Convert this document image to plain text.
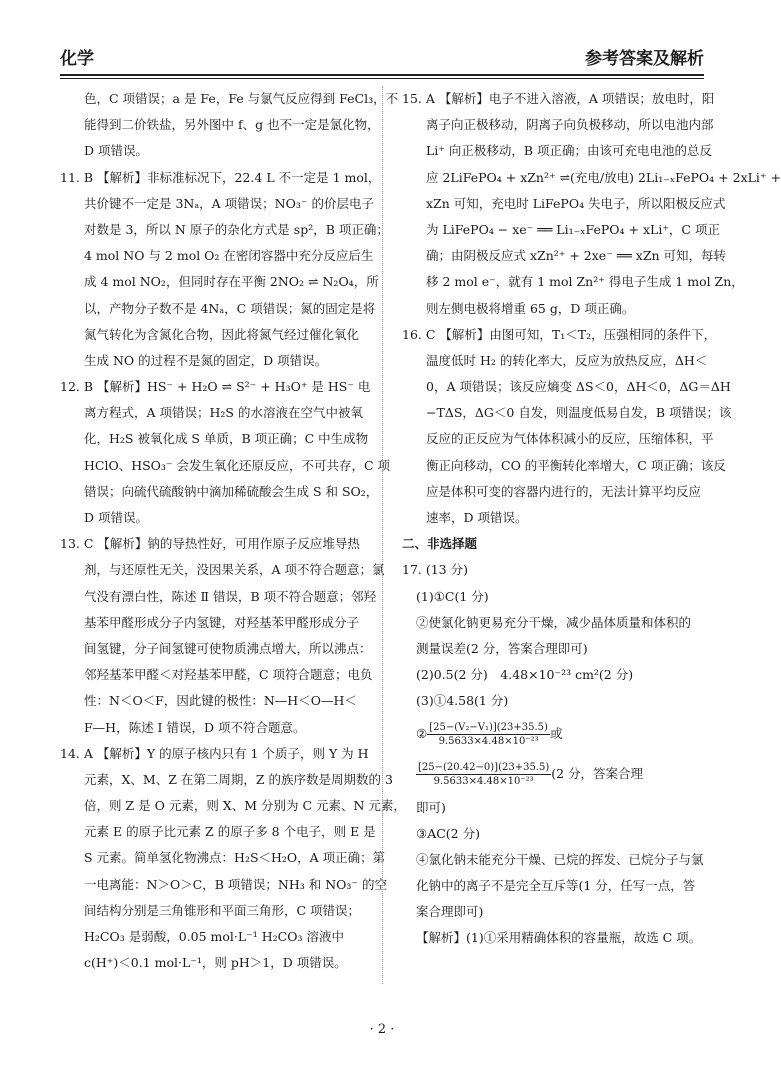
化学	参考答案及解析
色，C 项错误；a 是 Fe，Fe 与氯气反应得到 FeCl₃，不
能得到二价铁盐，另外图中 f、g 也不一定是氯化物，
D 项错误。
11. B 【解析】非标准标况下，22.4 L 不一定是 1 mol，
共价键不一定是 3Nₐ，A 项错误；NO₃⁻ 的价层电子
对数是 3，所以 N 原子的杂化方式是 sp²，B 项正确；
4 mol NO 与 2 mol O₂ 在密闭容器中充分反应后生
成 4 mol NO₂，但同时存在平衡 2NO₂ ⇌ N₂O₄，所
以，产物分子数不是 4Nₐ，C 项错误；氮的固定是将
氮气转化为含氮化合物，因此将氮气经过催化氧化
生成 NO 的过程不是氮的固定，D 项错误。
12. B 【解析】HS⁻ + H₂O ⇌ S²⁻ + H₃O⁺ 是 HS⁻ 电
离方程式，A 项错误；H₂S 的水溶液在空气中被氧
化，H₂S 被氧化成 S 单质，B 项正确；C 中生成物
HClO、HSO₃⁻ 会发生氧化还原反应，不可共存，C 项
错误；向硫代硫酸钠中滴加稀硫酸会生成 S 和 SO₂，
D 项错误。
13. C 【解析】钠的导热性好，可用作原子反应堆导热
剂，与还原性无关，没因果关系，A 项不符合题意；氯
气没有漂白性，陈述 Ⅱ 错误，B 项不符合题意；邻羟
基苯甲醛形成分子内氢键，对羟基苯甲醛形成分子
间氢键，分子间氢键可使物质沸点增大，所以沸点：
邻羟基苯甲醛＜对羟基苯甲醛，C 项符合题意；电负
性：N＜O＜F，因此键的极性：N—H＜O—H＜
F—H，陈述 Ⅰ 错误，D 项不符合题意。
14. A 【解析】Y 的原子核内只有 1 个质子，则 Y 为 H
元素，X、M、Z 在第二周期，Z 的族序数是周期数的 3
倍，则 Z 是 O 元素，则 X、M 分别为 C 元素、N 元素，
元素 E 的原子比元素 Z 的原子多 8 个电子，则 E 是
S 元素。简单氢化物沸点：H₂S＜H₂O，A 项正确；第
一电离能：N＞O＞C，B 项错误；NH₃ 和 NO₃⁻ 的空
间结构分别是三角锥形和平面三角形，C 项错误；
H₂CO₃ 是弱酸，0.05 mol·L⁻¹ H₂CO₃ 溶液中
c(H⁺)＜0.1 mol·L⁻¹，则 pH＞1，D 项错误。
15. A 【解析】电子不进入溶液，A 项错误；放电时，阳
离子向正极移动，阴离子向负极移动，所以电池内部
Li⁺ 向正极移动，B 项正确；由该可充电电池的总反
应 2LiFePO₄ + xZn²⁺ ⇌(充电/放电) 2Li₁₋ₓFePO₄ + 2xLi⁺ +
xZn 可知，充电时 LiFePO₄ 失电子，所以阳极反应式
为 LiFePO₄ − xe⁻ ══ Li₁₋ₓFePO₄ + xLi⁺，C 项正
确；由阴极反应式 xZn²⁺ + 2xe⁻ ══ xZn 可知，每转
移 2 mol e⁻，就有 1 mol Zn²⁺ 得电子生成 1 mol Zn，
则左侧电极将增重 65 g，D 项正确。
16. C 【解析】由图可知，T₁＜T₂，压强相同的条件下，
温度低时 H₂ 的转化率大，反应为放热反应，ΔH＜
0，A 项错误；该反应熵变 ΔS＜0，ΔH＜0，ΔG＝ΔH
−TΔS，ΔG＜0 自发，则温度低易自发，B 项错误；该
反应的正反应为气体体积减小的反应，压缩体积，平
衡正向移动，CO 的平衡转化率增大，C 项正确；该反
应是体积可变的容器内进行的，无法计算平均反应
速率，D 项错误。
二、非选择题
17. (13 分)
(1)①C(1 分)
②使氯化钠更易充分干燥，减少晶体质量和体积的
测量误差(2 分，答案合理即可)
(2)0.5(2 分)　4.48×10⁻²³ cm²(2 分)
(3)①4.58(1 分)
② $\frac{\text{[25−(V₂−V₁)](23+35.5)}}{\text{9.5633×4.48×10⁻²³}}$ 或
$\frac{[25-(20.42-0)](23+35.5)}{\text{9.5633×4.48×10⁻²³}} (2$ 分，答案合理
即可)
③AC(2 分)
④氯化钠未能充分干燥、已烷的挥发、已烷分子与氯
化钠中的离子不是完全互斥等(1 分，任写一点，答
案合理即可)
【解析】(1)①采用精确体积的容量瓶，故选 C 项。
· 2 ·
